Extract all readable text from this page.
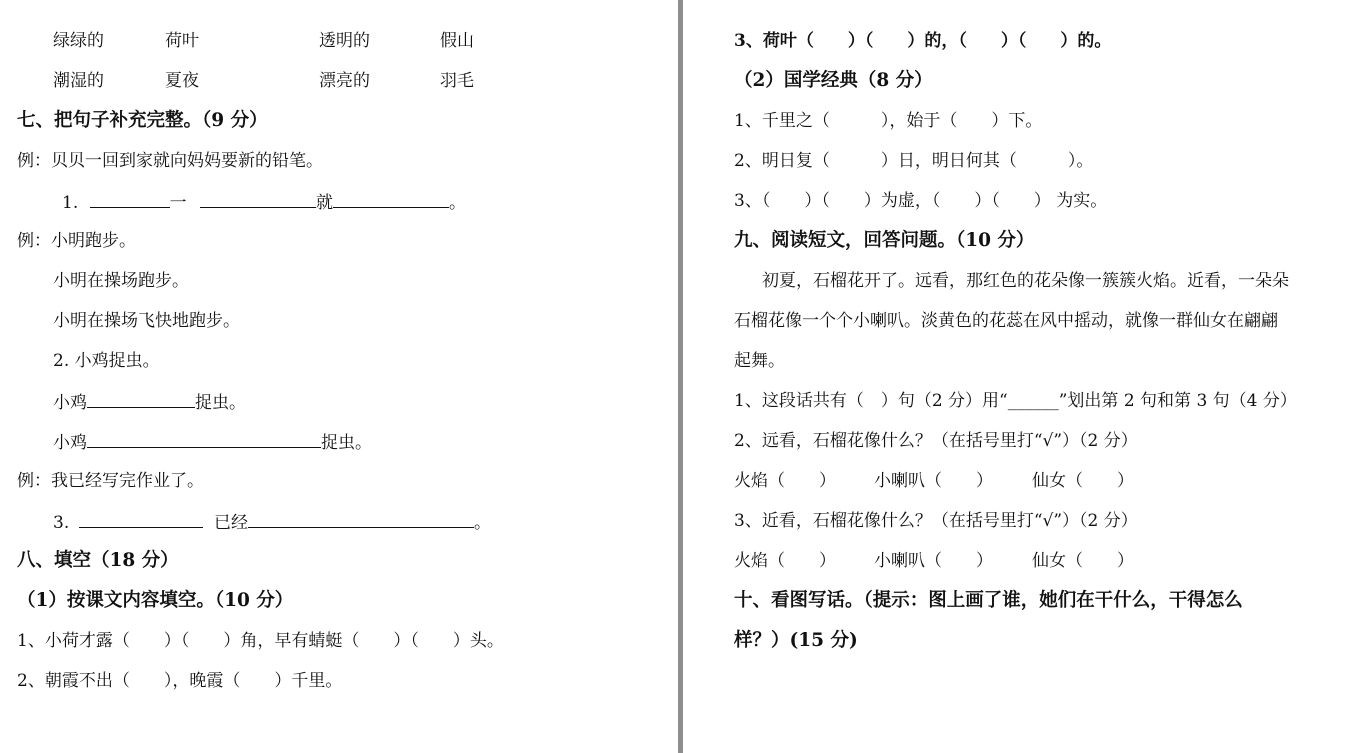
绿绿的	荷叶	透明的	假山
潮湿的	夏夜	漂亮的	羽毛
七、把句子补充完整。（9 分）
例：贝贝一回到家就向妈妈要新的铅笔。
1.	一	就	。
例：小明跑步。
小明在操场跑步。
小明在操场飞快地跑步。
2. 小鸡捉虫。
小鸡	捉虫。
小鸡	捉虫。
例：我已经写完作业了。
3.	已经	。
八、填空（18 分）
（1）按课文内容填空。（10 分）
1、小荷才露（　　）（　　）角，早有蜻蜓（　　）（　　）头。
2、朝霞不出（　　），晚霞（　　）千里。
3、荷叶（　　）（　　）的，（　　）（　　）的。
（2）国学经典（8 分）
1、千里之（　　　），始于（　　）下。
2、明日复（　　　）日，明日何其（　　　）。
3、（　　）（　　）为虚，（　　）（　　） 为实。
九、阅读短文，回答问题。（10 分）
初夏，石榴花开了。远看，那红色的花朵像一簇簇火焰。近看，一朵朵
石榴花像一个个小喇叭。淡黄色的花蕊在风中摇动，就像一群仙女在翩翩
起舞。
1、这段话共有（　）句（2 分）用“______”划出第 2 句和第 3 句（4 分）
2、远看，石榴花像什么？（在括号里打“√”）（2 分）
火焰（　　） 小喇叭（　　） 仙女（　　）
3、近看，石榴花像什么？（在括号里打“√”）（2 分）
火焰（　　） 小喇叭（　　） 仙女（　　）
十、看图写话。（提示：图上画了谁，她们在干什么，干得怎么
样？）(15 分)
